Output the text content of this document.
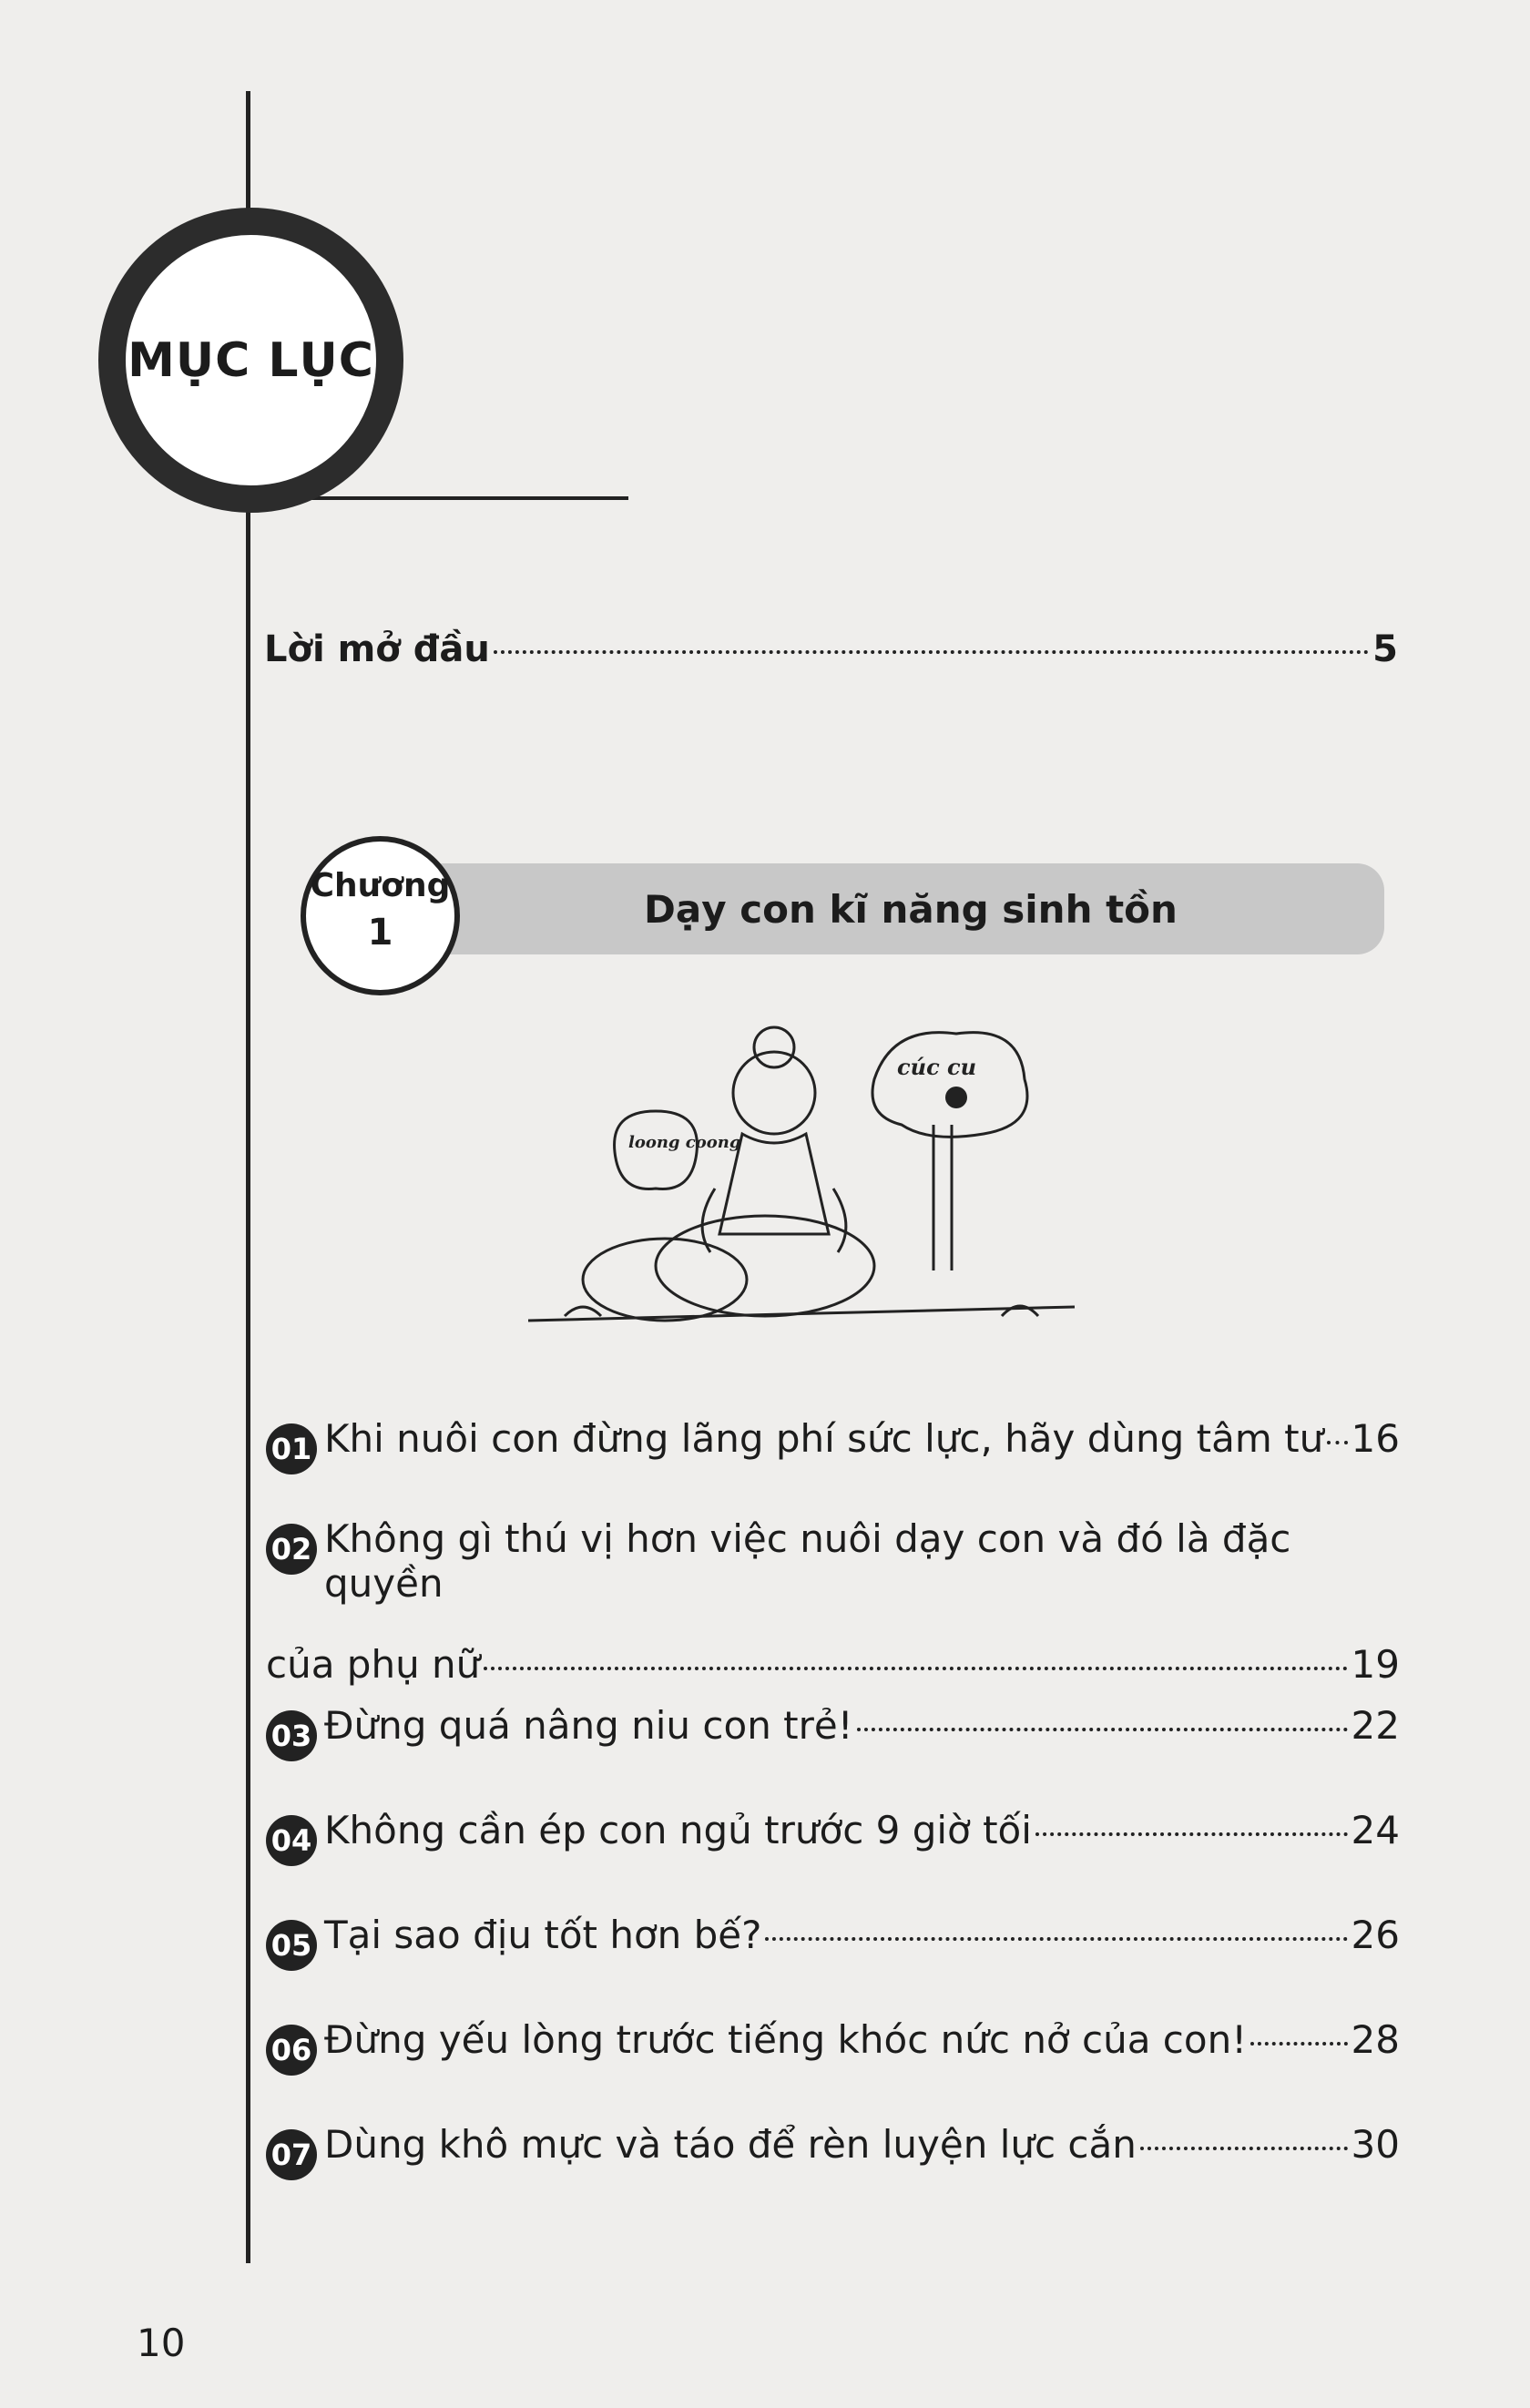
MỤC LỤC
Lời mở đầu	5
Dạy con kĩ năng sinh tồn
Chương
1
cúc cu
loong coong
01 Khi nuôi con đừng lãng phí sức lực, hãy dùng tâm tư 16
02 Không gì thú vị hơn việc nuôi dạy con và đó là đặc quyền
của phụ nữ	19
03 Đừng quá nâng niu con trẻ!	22
04 Không cần ép con ngủ trước 9 giờ tối	24
05 Tại sao địu tốt hơn bế?	26
06 Đừng yếu lòng trước tiếng khóc nức nở của con!	28
07 Dùng khô mực và táo để rèn luyện lực cắn	30
10
